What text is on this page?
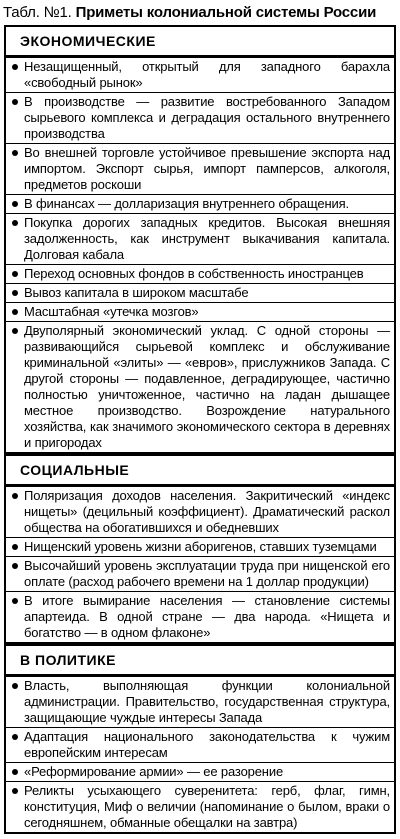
Табл. №1. Приметы колониальной системы России
ЭКОНОМИЧЕСКИЕ
Незащищенный, открытый для западного барахла «свободный рынок»
В производстве — развитие востребованного Западом сырьевого комплекса и деградация остального внутреннего производства
Во внешней торговле устойчивое превышение экспорта над импортом. Экспорт сырья, импорт памперсов, алкоголя, предметов роскоши
В финансах — долларизация внутреннего обращения.
Покупка дорогих западных кредитов. Высокая внешняя задолженность, как инструмент выкачивания капитала. Долговая кабала
Переход основных фондов в собственность иностранцев
Вывоз капитала в широком масштабе
Масштабная «утечка мозгов»
Двуполярный экономический уклад. С одной стороны — развивающийся сырьевой комплекс и обслуживание криминальной «элиты» — «евров», прислужников Запада. С другой стороны — подавленное, деградирующее, частично полностью уничтоженное, частично на ладан дышащее местное производство. Возрождение натурального хозяйства, как значимого экономического сектора в деревнях и пригородах
СОЦИАЛЬНЫЕ
Поляризация доходов населения. Закритический «индекс нищеты» (децильный коэффициент). Драматический раскол общества на обогатившихся и обедневших
Нищенский уровень жизни аборигенов, ставших туземцами
Высочайший уровень эксплуатации труда при нищенской его оплате (расход рабочего времени на 1 доллар продукции)
В итоге вымирание населения — становление системы апартеида. В одной стране — два народа. «Нищета и богатство — в одном флаконе»
В ПОЛИТИКЕ
Власть, выполняющая функции колониальной администрации. Правительство, государственная структура, защищающие чуждые интересы Запада
Адаптация национального законодательства к чужим европейским интересам
«Реформирование армии» — ее разорение
Реликты усыхающего суверенитета: герб, флаг, гимн, конституция, Миф о величии (напоминание о былом, враки о сегодняшнем, обманные обещалки на завтра)
